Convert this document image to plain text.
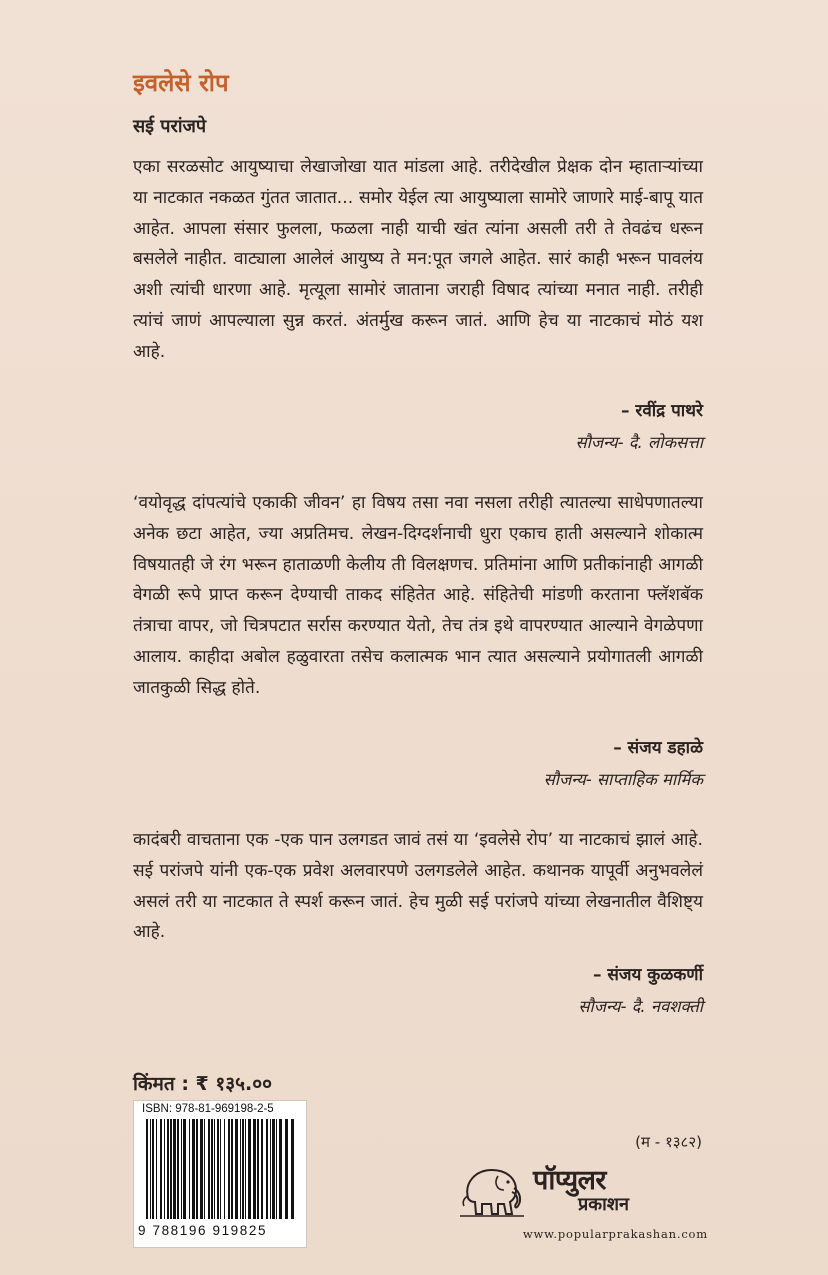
इवलेसे रोप
सई परांजपे

एका सरळसोट आयुष्याचा लेखाजोखा यात मांडला आहे. तरीदेखील प्रेक्षक दोन म्हाताऱ्यांच्या या नाटकात नकळत गुंतत जातात... समोर येईल त्या आयुष्याला सामोरे जाणारे माई-बापू यात आहेत. आपला संसार फुलला, फळला नाही याची खंत त्यांना असली तरी ते तेवढंच धरून बसलेले नाहीत. वाट्याला आलेलं आयुष्य ते मन:पूत जगले आहेत. सारं काही भरून पावलंय अशी त्यांची धारणा आहे. मृत्यूला सामोरं जाताना जराही विषाद त्यांच्या मनात नाही. तरीही त्यांचं जाणं आपल्याला सुन्न करतं. अंतर्मुख करून जातं. आणि हेच या नाटकाचं मोठं यश आहे.

– रवींद्र पाथरे
सौजन्य- दै. लोकसत्ता

‘वयोवृद्ध दांपत्यांचे एकाकी जीवन’ हा विषय तसा नवा नसला तरीही त्यातल्या साधेपणातल्या अनेक छटा आहेत, ज्या अप्रतिमच. लेखन-दिग्दर्शनाची धुरा एकाच हाती असल्याने शोकात्म विषयातही जे रंग भरून हाताळणी केलीय ती विलक्षणच. प्रतिमांना आणि प्रतीकांनाही आगळी वेगळी रूपे प्राप्त करून देण्याची ताकद संहितेत आहे. संहितेची मांडणी करताना फ्लॅशबॅक तंत्राचा वापर, जो चित्रपटात सर्रास करण्यात येतो, तेच तंत्र इथे वापरण्यात आल्याने वेगळेपणा आलाय. काहीदा अबोल हळुवारता तसेच कलात्मक भान त्यात असल्याने प्रयोगातली आगळी जातकुळी सिद्ध होते.

– संजय डहाळे
सौजन्य- साप्ताहिक मार्मिक

कादंबरी वाचताना एक -एक पान उलगडत जावं तसं या ‘इवलेसे रोप’ या नाटकाचं झालं आहे. सई परांजपे यांनी एक-एक प्रवेश अलवारपणे उलगडलेले आहेत. कथानक यापूर्वी अनुभवलेलं असलं तरी या नाटकात ते स्पर्श करून जातं. हेच मुळी सई परांजपे यांच्या लेखनातील वैशिष्ट्य आहे.

– संजय कुळकर्णी
सौजन्य- दै. नवशक्ती
किंमत : ₹ १३५.००
ISBN: 978-81-969198-2-5
9 788196 919825
(म - १३८२)
पॉप्युलर
प्रकाशन
www.popularprakashan.com
